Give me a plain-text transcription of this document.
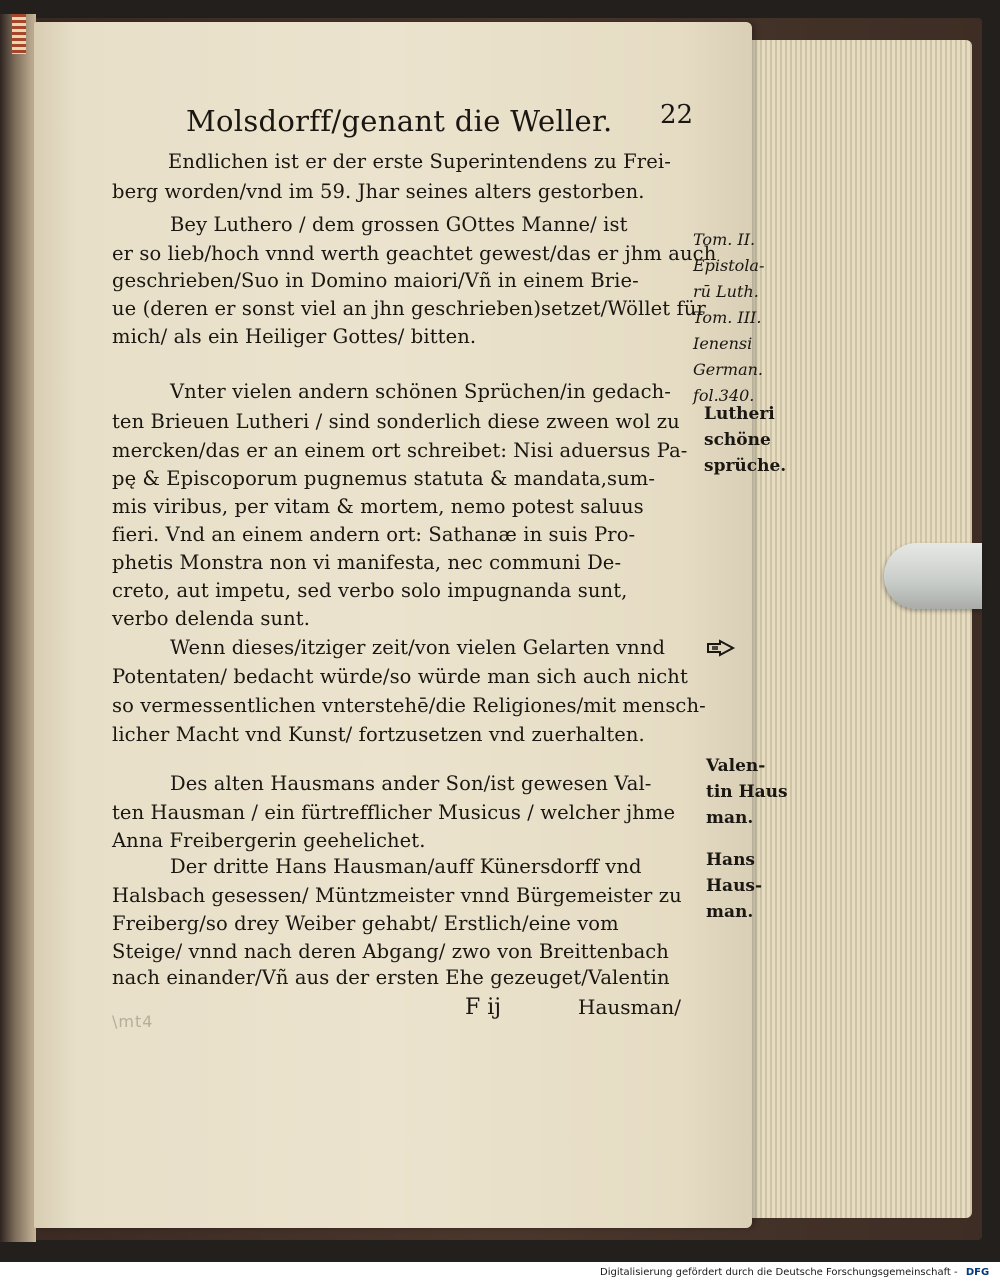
Molsdorff/genant die Weller. 22
Endlichen ist er der erste Superintendens zu Frei-
berg worden/vnd im 59. Jhar seines alters gestorben.
Bey Luthero / dem grossen GOttes Manne/ ist
er so lieb/hoch vnnd werth geachtet gewest/das er jhm auch
geschrieben/Suo in Domino maiori/Vñ in einem Brie-
ue (deren er sonst viel an jhn geschrieben)setzet/Wöllet für
mich/ als ein Heiliger Gottes/ bitten.
Vnter vielen andern schönen Sprüchen/in gedach-
ten Brieuen Lutheri / sind sonderlich diese zween wol zu
mercken/das er an einem ort schreibet: Nisi aduersus Pa-
pę & Episcoporum pugnemus statuta & mandata,sum-
mis viribus, per vitam & mortem, nemo potest saluus
fieri. Vnd an einem andern ort: Sathanæ in suis Pro-
phetis Monstra non vi manifesta, nec communi De-
creto, aut impetu, sed verbo solo impugnanda sunt,
verbo delenda sunt.
Wenn dieses/itziger zeit/von vielen Gelarten vnnd
Potentaten/ bedacht würde/so würde man sich auch nicht
so vermessentlichen vnterstehē/die Religiones/mit mensch-
licher Macht vnd Kunst/ fortzusetzen vnd zuerhalten.
Des alten Hausmans ander Son/ist gewesen Val-
ten Hausman / ein fürtrefflicher Musicus / welcher jhme
Anna Freibergerin geehelichet.
Der dritte Hans Hausman/auff Künersdorff vnd
Halsbach gesessen/ Müntzmeister vnnd Bürgemeister zu
Freiberg/so drey Weiber gehabt/ Erstlich/eine vom
Steige/ vnnd nach deren Abgang/ zwo von Breittenbach
nach einander/Vñ aus der ersten Ehe gezeuget/Valentin
Tom. II.
Epistola-
rū Luth.
Tom. III.
Ienensi
German.
fol.340.
Lutheri
schöne
sprüche.
Valen-
tin Haus
man.
Hans
Haus-
man.
F ij	Hausman/
\mt4
Digitalisierung gefördert durch die Deutsche Forschungsgemeinschaft - DFG
